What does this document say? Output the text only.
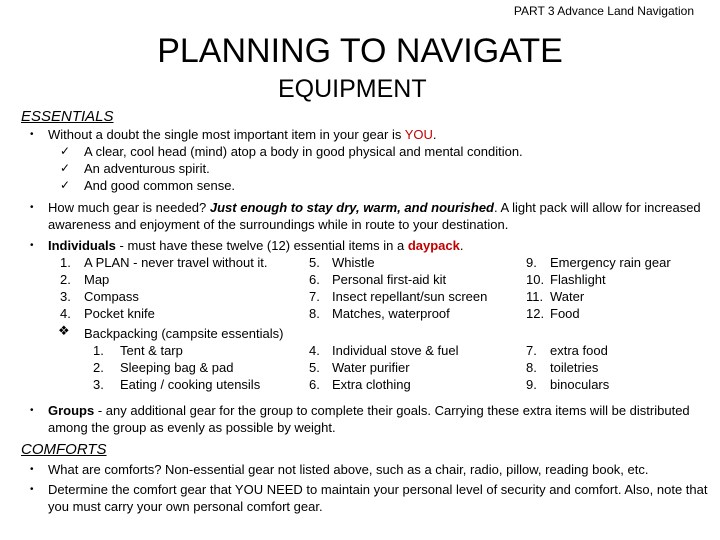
PART 3 Advance Land Navigation
PLANNING TO NAVIGATE
EQUIPMENT
ESSENTIALS
• Without a doubt the single most important item in your gear is YOU.
✓ A clear, cool head (mind) atop a body in good physical and mental condition.
✓ An adventurous spirit.
✓ And good common sense.
• How much gear is needed? Just enough to stay dry, warm, and nourished. A light pack will allow for increased awareness and enjoyment of the surroundings while in route to your destination.
• Individuals - must have these twelve (12) essential items in a daypack.
1. A PLAN - never travel without it.
2. Map
3. Compass
4. Pocket knife
5. Whistle
6. Personal first-aid kit
7. Insect repellant/sun screen
8. Matches, waterproof
9. Emergency rain gear
10. Flashlight
11. Water
12. Food
❖ Backpacking (campsite essentials)
1. Tent & tarp
2. Sleeping bag & pad
3. Eating / cooking utensils
4. Individual stove & fuel
5. Water purifier
6. Extra clothing
7. extra food
8. toiletries
9. binoculars
• Groups - any additional gear for the group to complete their goals. Carrying these extra items will be distributed among the group as evenly as possible by weight.
COMFORTS
• What are comforts? Non-essential gear not listed above, such as a chair, radio, pillow, reading book, etc.
• Determine the comfort gear that YOU NEED to maintain your personal level of security and comfort. Also, note that you must carry your own personal comfort gear.
